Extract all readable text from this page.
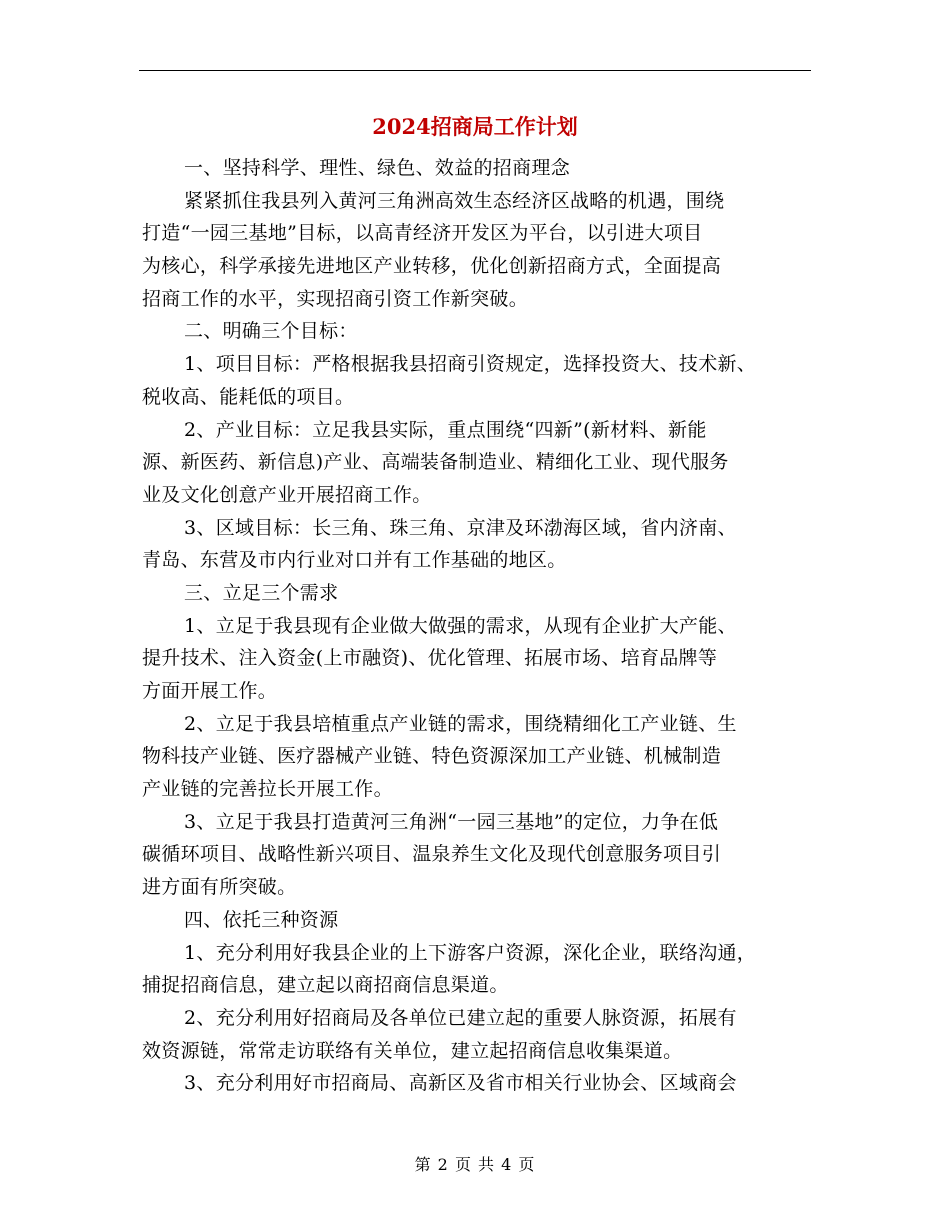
2024招商局工作计划
一、坚持科学、理性、绿色、效益的招商理念
紧紧抓住我县列入黄河三角洲高效生态经济区战略的机遇，围绕
打造“一园三基地”目标，以高青经济开发区为平台，以引进大项目
为核心，科学承接先进地区产业转移，优化创新招商方式，全面提高
招商工作的水平，实现招商引资工作新突破。
二、明确三个目标：
1、项目目标：严格根据我县招商引资规定，选择投资大、技术新、
税收高、能耗低的项目。
2、产业目标：立足我县实际，重点围绕“四新”(新材料、新能
源、新医药、新信息)产业、高端装备制造业、精细化工业、现代服务
业及文化创意产业开展招商工作。
3、区域目标：长三角、珠三角、京津及环渤海区域，省内济南、
青岛、东营及市内行业对口并有工作基础的地区。
三、立足三个需求
1、立足于我县现有企业做大做强的需求，从现有企业扩大产能、
提升技术、注入资金(上市融资)、优化管理、拓展市场、培育品牌等
方面开展工作。
2、立足于我县培植重点产业链的需求，围绕精细化工产业链、生
物科技产业链、医疗器械产业链、特色资源深加工产业链、机械制造
产业链的完善拉长开展工作。
3、立足于我县打造黄河三角洲“一园三基地”的定位，力争在低
碳循环项目、战略性新兴项目、温泉养生文化及现代创意服务项目引
进方面有所突破。
四、依托三种资源
1、充分利用好我县企业的上下游客户资源，深化企业，联络沟通，
捕捉招商信息，建立起以商招商信息渠道。
2、充分利用好招商局及各单位已建立起的重要人脉资源，拓展有
效资源链，常常走访联络有关单位，建立起招商信息收集渠道。
3、充分利用好市招商局、高新区及省市相关行业协会、区域商会
第 2 页 共 4 页
